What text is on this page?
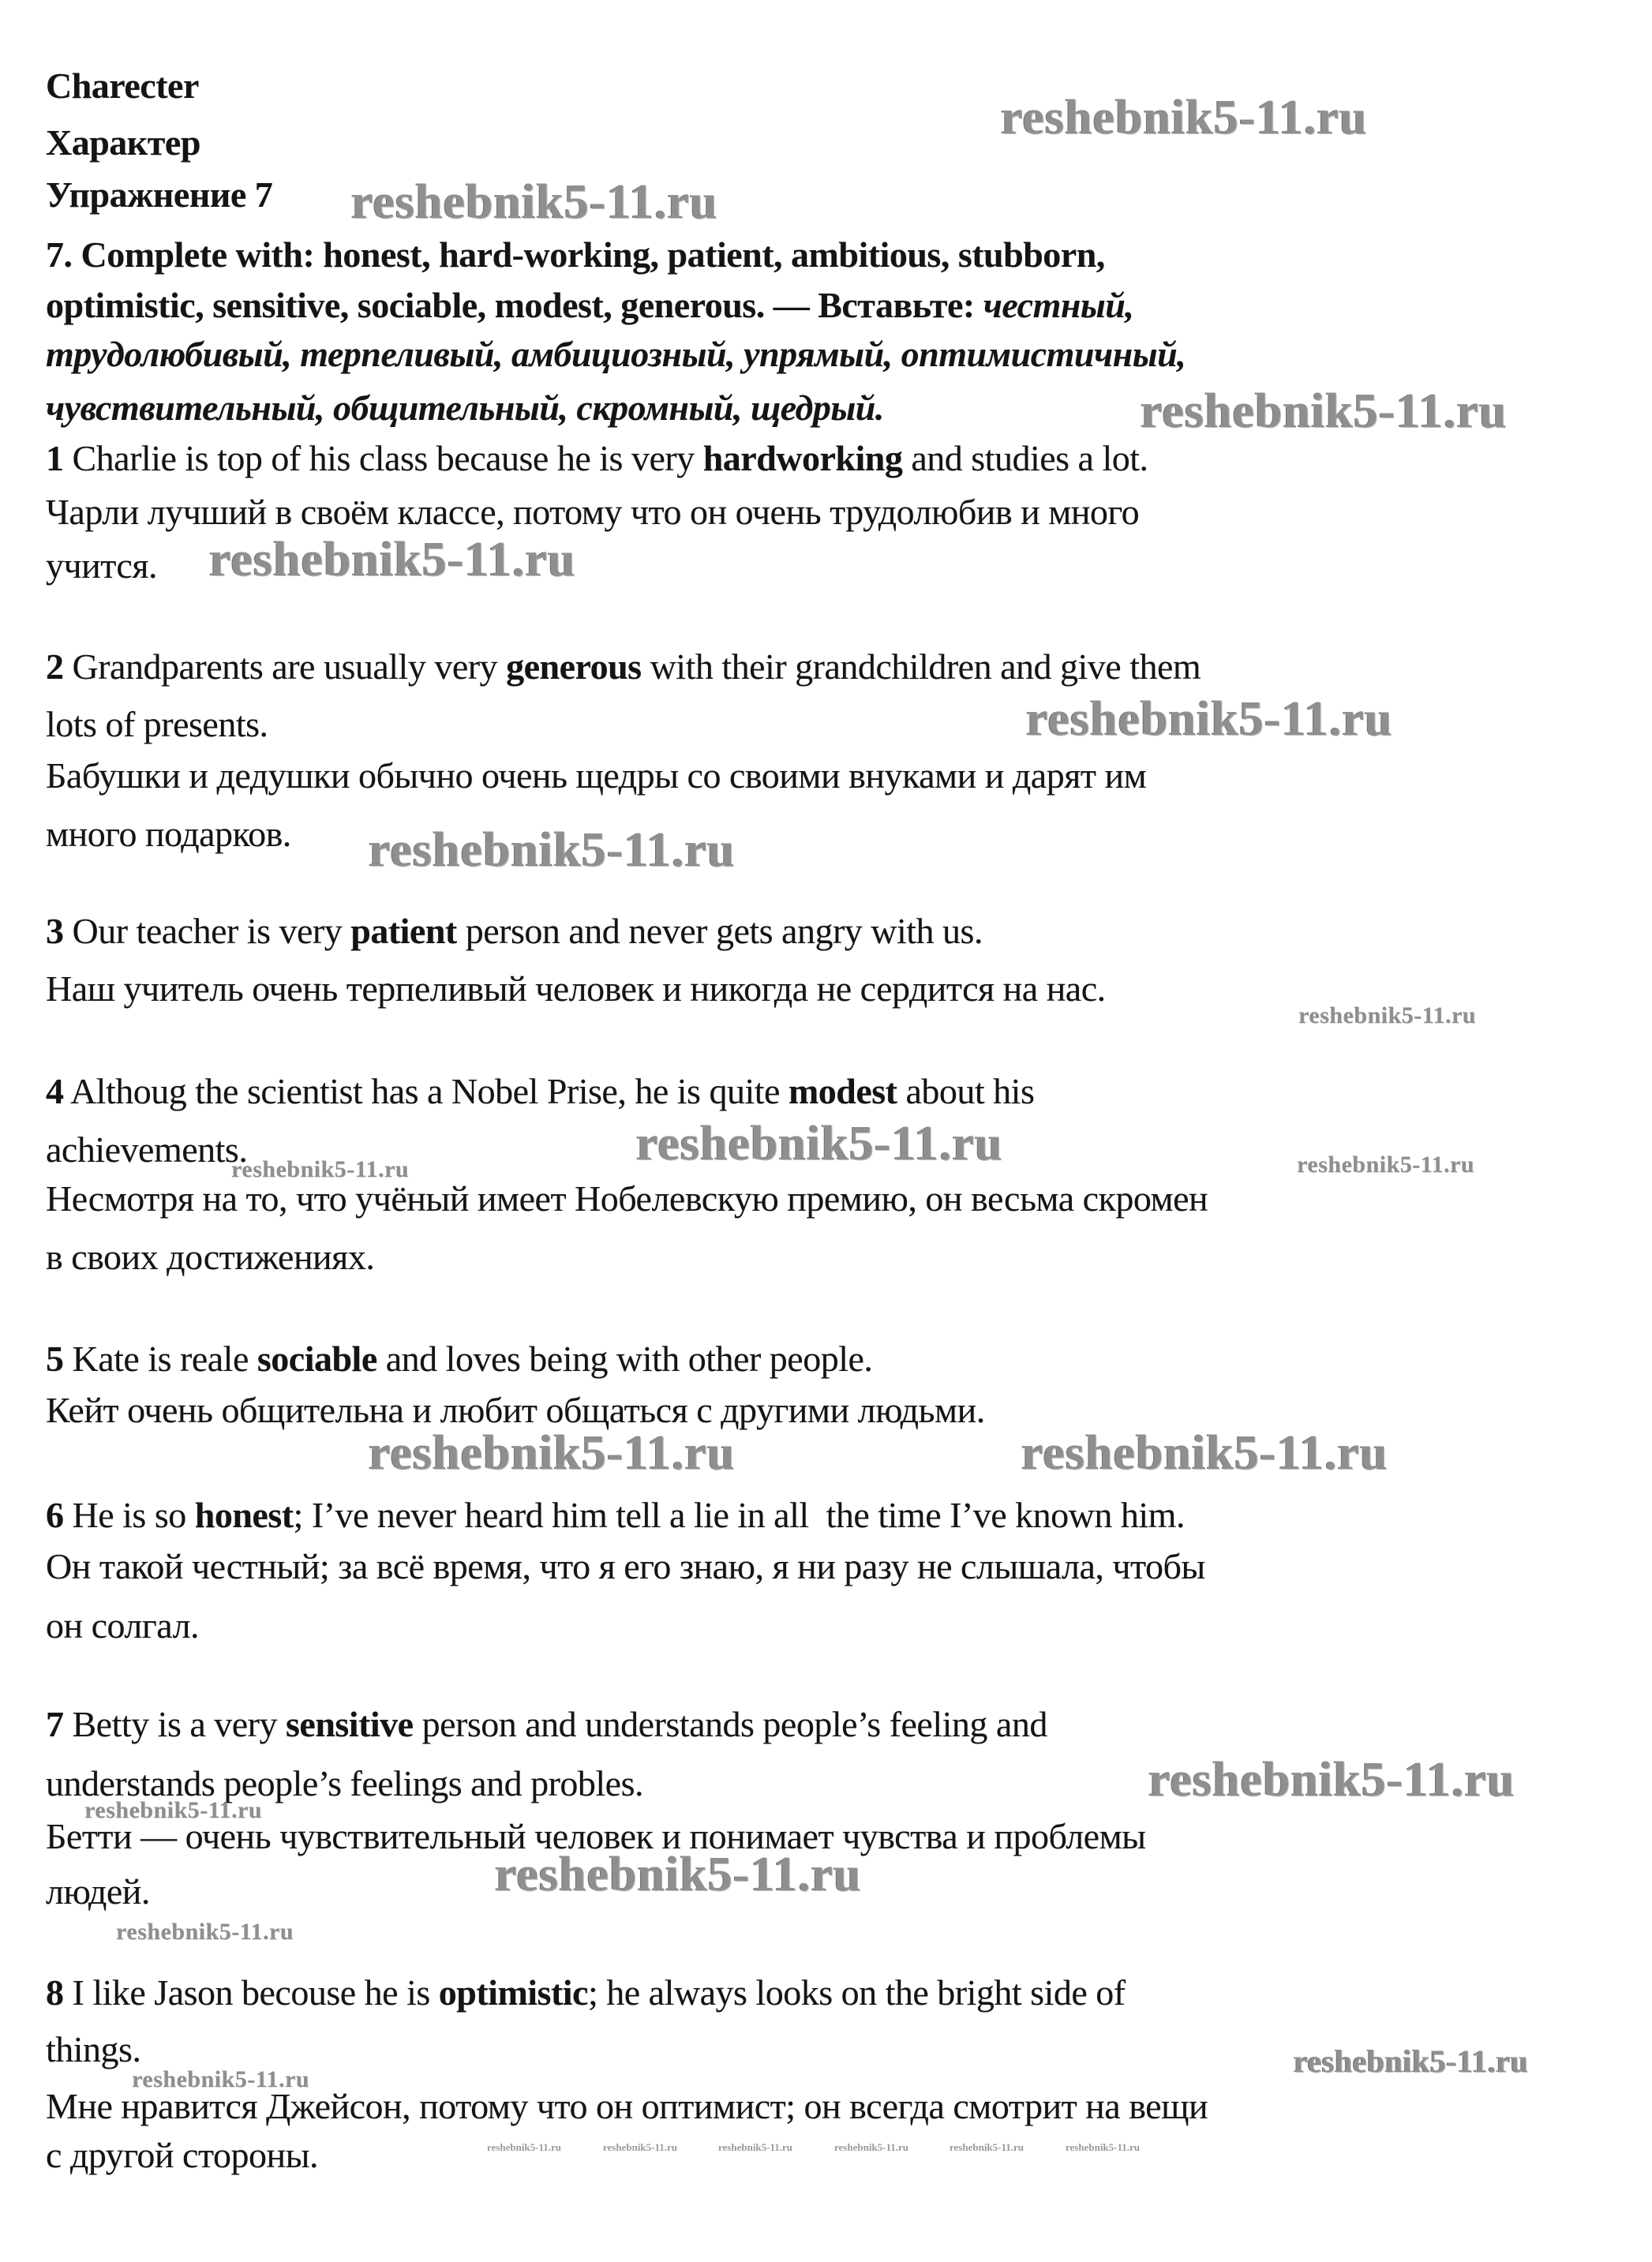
Charecter
Характер
Упражнение 7
7. Complete with: honest, hard-working, patient, ambitious, stubborn,
optimistic, sensitive, sociable, modest, generous. — Вставьте: честный,
трудолюбивый, терпеливый, амбициозный, упрямый, оптимистичный,
чувствительный, общительный, скромный, щедрый.
1 Charlie is top of his class because he is very hardworking and studies a lot.
Чарли лучший в своём классе, потому что он очень трудолюбив и много
учится.
2 Grandparents are usually very generous with their grandchildren and give them
lots of presents.
Бабушки и дедушки обычно очень щедры со своими внуками и дарят им
много подарков.
3 Our teacher is very patient person and never gets angry with us.
Наш учитель очень терпеливый человек и никогда не сердится на нас.
4 Althoug the scientist has a Nobel Prise, he is quite modest about his
achievements.
Несмотря на то, что учёный имеет Нобелевскую премию, он весьма скромен
в своих достижениях.
5 Kate is reale sociable and loves being with other people.
Кейт очень общительна и любит общаться с другими людьми.
6 He is so honest; I’ve never heard him tell a lie in all  the time I’ve known him.
Он такой честный; за всё время, что я его знаю, я ни разу не слышала, чтобы
он солгал.
7 Betty is a very sensitive person and understands people’s feeling and
understands people’s feelings and probles.
Бетти — очень чувствительный человек и понимает чувства и проблемы
людей.
8 I like Jason becouse he is optimistic; he always looks on the bright side of
things.
Мне нравится Джейсон, потому что он оптимист; он всегда смотрит на вещи
с другой стороны.
reshebnik5-11.ru
reshebnik5-11.ru
reshebnik5-11.ru
reshebnik5-11.ru
reshebnik5-11.ru
reshebnik5-11.ru
reshebnik5-11.ru
reshebnik5-11.ru
reshebnik5-11.ru	reshebnik5-11.ru
reshebnik5-11.ru	reshebnik5-11.ru
reshebnik5-11.ru
reshebnik5-11.ru
reshebnik5-11.ru
reshebnik5-11.ru
reshebnik5-11.ru
reshebnik5-11.ru
reshebnik5-11.ru	reshebnik5-11.ru	reshebnik5-11.ru	reshebnik5-11.ru	reshebnik5-11.ru	reshebnik5-11.ru
